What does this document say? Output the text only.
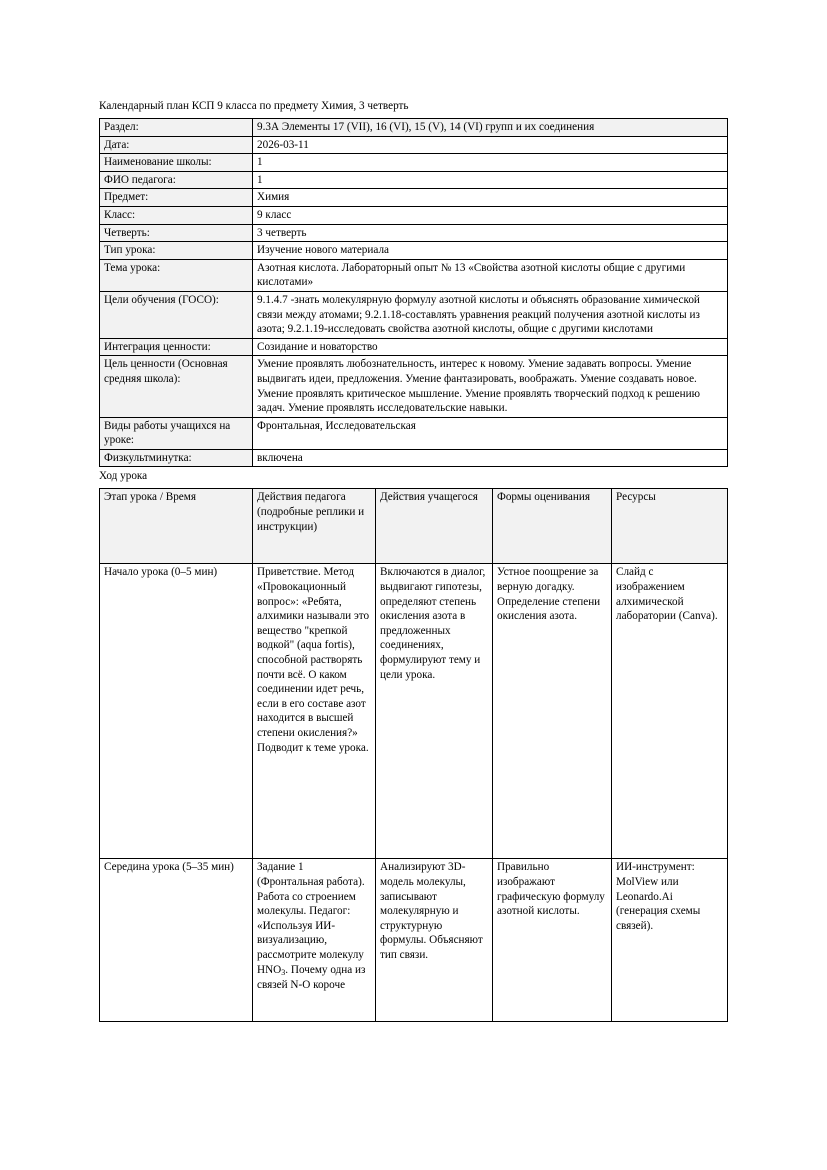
Календарный план КСП 9 класса по предмету Химия, 3 четверть
Раздел:	9.3А Элементы 17 (VII), 16 (VI), 15 (V), 14 (VI) групп и их соединения
Дата:	2026-03-11
Наименование школы:	1
ФИО педагога:	1
Предмет:	Химия
Класс:	9 класс
Четверть:	3 четверть
Тип урока:	Изучение нового материала
Тема урока:	Азотная кислота. Лабораторный опыт № 13 «Свойства азотной кислоты общие с другими кислотами»
Цели обучения (ГОСО):	9.1.4.7 -знать молекулярную формулу азотной кислоты и объяснять образование химической связи между атомами; 9.2.1.18-составлять уравнения реакций получения азотной кислоты из азота; 9.2.1.19-исследовать свойства азотной кислоты, общие с другими кислотами
Интеграция ценности:	Созидание и новаторство
Цель ценности (Основная средняя школа):	Умение проявлять любознательность, интерес к новому. Умение задавать вопросы. Умение выдвигать идеи, предложения. Умение фантазировать, воображать. Умение создавать новое. Умение проявлять критическое мышление. Умение проявлять творческий подход к решению задач. Умение проявлять исследовательские навыки.
Виды работы учащихся на уроке:	Фронтальная, Исследовательская
Физкультминутка:	включена
Ход урока
Этап урока / Время	Действия педагога (подробные реплики и инструкции)	Действия учащегося	Формы оценивания	Ресурсы
Начало урока (0–5 мин)	Приветствие. Метод «Провокационный вопрос»: «Ребята, алхимики называли это вещество "крепкой водкой" (aqua fortis), способной растворять почти всё. О каком соединении идет речь, если в его составе азот находится в высшей степени окисления?» Подводит к теме урока.	Включаются в диалог, выдвигают гипотезы, определяют степень окисления азота в предложенных соединениях, формулируют тему и цели урока.	Устное поощрение за верную догадку. Определение степени окисления азота.	Слайд с изображением алхимической лаборатории (Canva).
Середина урока (5–35 мин)	Задание 1 (Фронтальная работа). Работа со строением молекулы. Педагог: «Используя ИИ-визуализацию, рассмотрите молекулу $HNO_3$. Почему одна из связей N-O короче	Анализируют 3D-модель молекулы, записывают молекулярную и структурную формулы. Объясняют тип связи.	Правильно изображают графическую формулу азотной кислоты.	ИИ-инструмент: MolView или Leonardo.Ai (генерация схемы связей).
